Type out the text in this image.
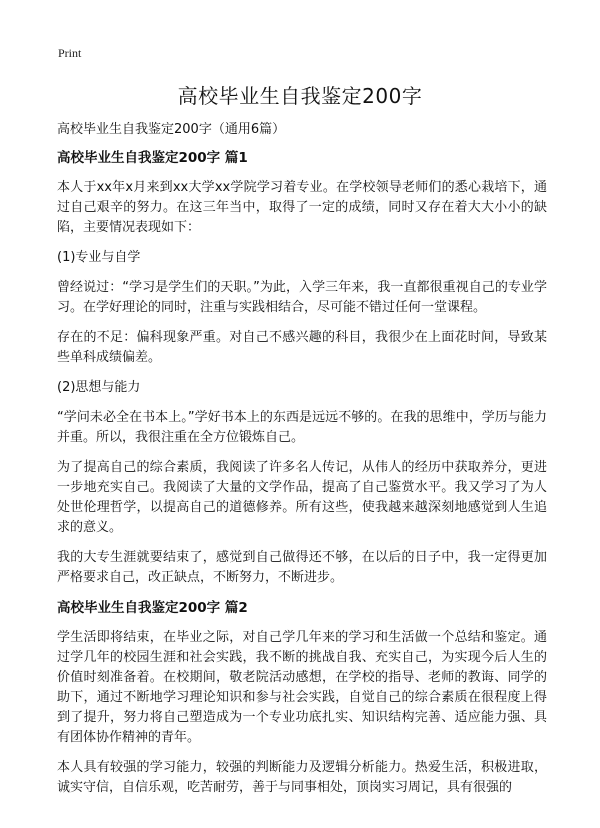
Print
高校毕业生自我鉴定200字

高校毕业生自我鉴定200字（通用6篇）

高校毕业生自我鉴定200字 篇1

本人于xx年x月来到xx大学xx学院学习着专业。在学校领导老师们的悉心栽培下，通过自己艰辛的努力。在这三年当中，取得了一定的成绩，同时又存在着大大小小的缺陷，主要情况表现如下：

(1)专业与自学

曾经说过：“学习是学生们的天职。”为此，入学三年来，我一直都很重视自己的专业学习。在学好理论的同时，注重与实践相结合，尽可能不错过任何一堂课程。

存在的不足：偏科现象严重。对自己不感兴趣的科目，我很少在上面花时间，导致某些单科成绩偏差。

(2)思想与能力

“学问未必全在书本上。”学好书本上的东西是远远不够的。在我的思维中，学历与能力并重。所以，我很注重在全方位锻炼自己。

为了提高自己的综合素质，我阅读了许多名人传记，从伟人的经历中获取养分，更进一步地充实自己。我阅读了大量的文学作品，提高了自己鉴赏水平。我又学习了为人处世伦理哲学，以提高自己的道德修养。所有这些，使我越来越深刻地感觉到人生追求的意义。

我的大专生涯就要结束了，感觉到自己做得还不够，在以后的日子中，我一定得更加严格要求自己，改正缺点，不断努力，不断进步。

高校毕业生自我鉴定200字 篇2

学生活即将结束，在毕业之际，对自己学几年来的学习和生活做一个总结和鉴定。通过学几年的校园生涯和社会实践，我不断的挑战自我、充实自己，为实现今后人生的价值时刻准备着。在校期间，敬老院活动感想，在学校的指导、老师的教诲、同学的助下，通过不断地学习理论知识和参与社会实践，自觉自己的综合素质在很程度上得到了提升，努力将自己塑造成为一个专业功底扎实、知识结构完善、适应能力强、具有团体协作精神的青年。

本人具有较强的学习能力，较强的判断能力及逻辑分析能力。热爱生活，积极进取，诚实守信，自信乐观，吃苦耐劳，善于与同事相处，顶岗实习周记，具有很强的
